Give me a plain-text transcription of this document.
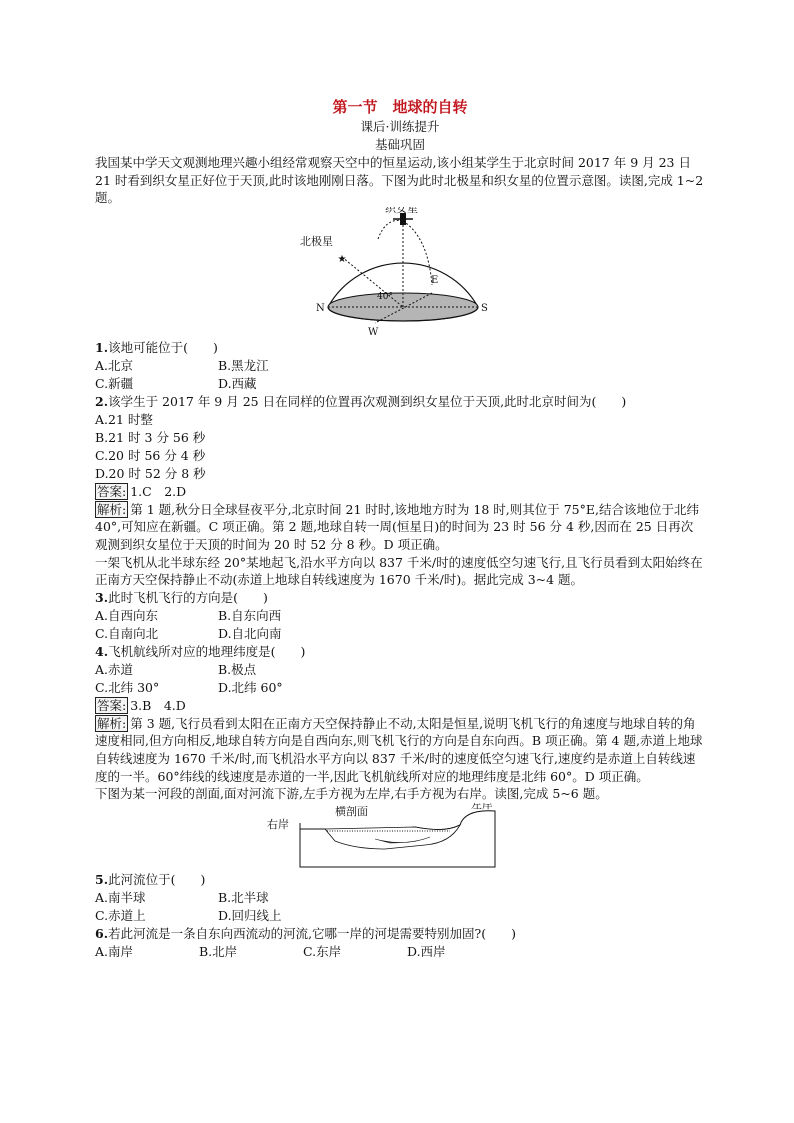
第一节　地球的自转
课后·训练提升
基础巩固

我国某中学天文观测地理兴趣小组经常观察天空中的恒星运动,该小组某学生于北京时间 2017 年 9 月 23 日 21 时看到织女星正好位于天顶,此时该地刚刚日落。下图为此时北极星和织女星的位置示意图。读图,完成 1~2 题。

★
织女星
北极星
40°
N	S
E
W
1.该地可能位于(　　)
A.北京	B.黑龙江
C.新疆	D.西藏
2.该学生于 2017 年 9 月 25 日在同样的位置再次观测到织女星位于天顶,此时北京时间为(　　)
A.21 时整
B.21 时 3 分 56 秒
C.20 时 56 分 4 秒
D.20 时 52 分 8 秒
答案: 1.C　2.D

解析: 第 1 题,秋分日全球昼夜平分,北京时间 21 时时,该地地方时为 18 时,则其位于 75°E,结合该地位于北纬 40°,可知应在新疆。C 项正确。第 2 题,地球自转一周(恒星日)的时间为 23 时 56 分 4 秒,因而在 25 日再次观测到织女星位于天顶的时间为 20 时 52 分 8 秒。D 项正确。

一架飞机从北半球东经 20°某地起飞,沿水平方向以 837 千米/时的速度低空匀速飞行,且飞行员看到太阳始终在正南方天空保持静止不动(赤道上地球自转线速度为 1670 千米/时)。据此完成 3~4 题。

3.此时飞机飞行的方向是(　　)
A.自西向东	B.自东向西
C.自南向北	D.自北向南
4.飞机航线所对应的地理纬度是(　　)
A.赤道	B.极点
C.北纬 30°	D.北纬 60°
答案: 3.B　4.D

解析: 第 3 题,飞行员看到太阳在正南方天空保持静止不动,太阳是恒星,说明飞机飞行的角速度与地球自转的角速度相同,但方向相反,地球自转方向是自西向东,则飞机飞行的方向是自东向西。B 项正确。第 4 题,赤道上地球自转线速度为 1670 千米/时,而飞机沿水平方向以 837 千米/时的速度低空匀速飞行,速度约是赤道上自转线速度的一半。60°纬线的线速度是赤道的一半,因此飞机航线所对应的地理纬度是北纬 60°。D 项正确。

下图为某一河段的剖面,面对河流下游,左手方视为左岸,右手方视为右岸。读图,完成 5~6 题。

横剖面
左岸
右岸
5.此河流位于(　　)
A.南半球	B.北半球
C.赤道上	D.回归线上
6.若此河流是一条自东向西流动的河流,它哪一岸的河堤需要特别加固?(　　)
A.南岸	B.北岸	C.东岸	D.西岸
